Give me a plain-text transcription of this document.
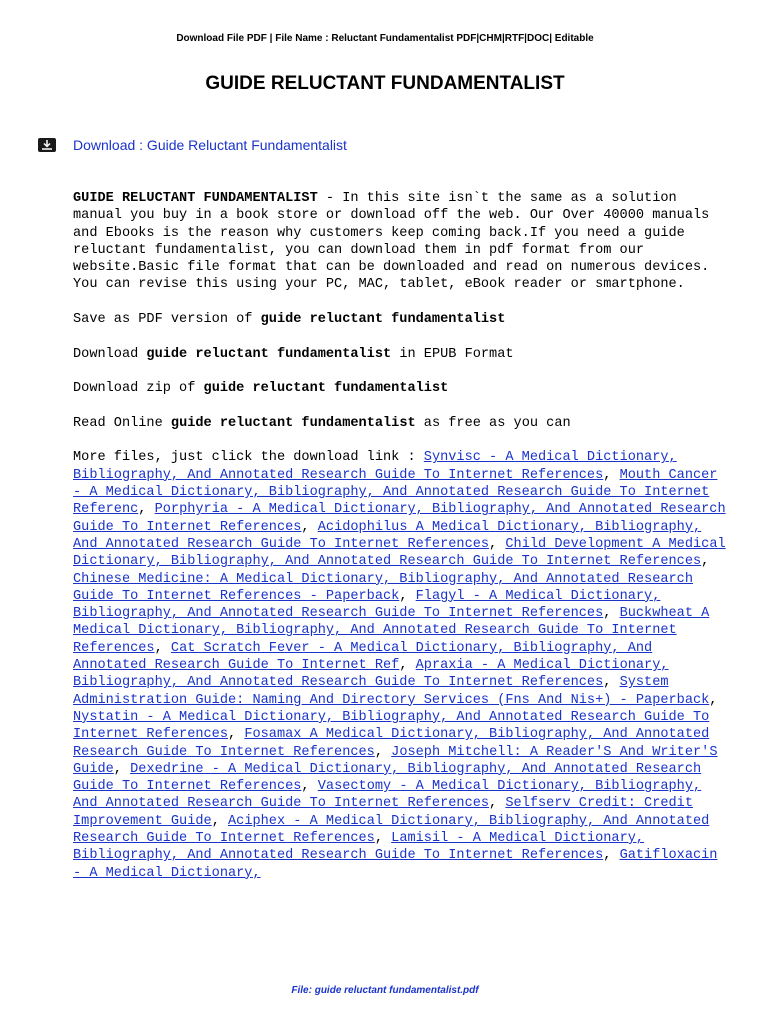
Download File PDF | File Name : Reluctant Fundamentalist PDF|CHM|RTF|DOC| Editable
GUIDE RELUCTANT FUNDAMENTALIST
Download : Guide Reluctant Fundamentalist

GUIDE RELUCTANT FUNDAMENTALIST - In this site isn`t the same as a solution manual you buy in a book store or download off the web. Our Over 40000 manuals and Ebooks is the reason why customers keep coming back.If you need a guide reluctant fundamentalist, you can download them in pdf format from our website.Basic file format that can be downloaded and read on numerous devices. You can revise this using your PC, MAC, tablet, eBook reader or smartphone.

Save as PDF version of guide reluctant fundamentalist

Download guide reluctant fundamentalist in EPUB Format

Download zip of guide reluctant fundamentalist

Read Online guide reluctant fundamentalist as free as you can

More files, just click the download link : Synvisc - A Medical Dictionary, Bibliography, And Annotated Research Guide To Internet References, Mouth Cancer - A Medical Dictionary, Bibliography, And Annotated Research Guide To Internet Referenc, Porphyria - A Medical Dictionary, Bibliography, And Annotated Research Guide To Internet References, Acidophilus A Medical Dictionary, Bibliography, And Annotated Research Guide To Internet References, Child Development A Medical Dictionary, Bibliography, And Annotated Research Guide To Internet References, Chinese Medicine: A Medical Dictionary, Bibliography, And Annotated Research Guide To Internet References - Paperback, Flagyl - A Medical Dictionary, Bibliography, And Annotated Research Guide To Internet References, Buckwheat A Medical Dictionary, Bibliography, And Annotated Research Guide To Internet References, Cat Scratch Fever - A Medical Dictionary, Bibliography, And Annotated Research Guide To Internet Ref, Apraxia - A Medical Dictionary, Bibliography, And Annotated Research Guide To Internet References, System Administration Guide: Naming And Directory Services (Fns And Nis+) - Paperback, Nystatin - A Medical Dictionary, Bibliography, And Annotated Research Guide To Internet References, Fosamax A Medical Dictionary, Bibliography, And Annotated Research Guide To Internet References, Joseph Mitchell: A Reader'S And Writer'S Guide, Dexedrine - A Medical Dictionary, Bibliography, And Annotated Research Guide To Internet References, Vasectomy - A Medical Dictionary, Bibliography, And Annotated Research Guide To Internet References, Selfserv Credit: Credit Improvement Guide, Aciphex - A Medical Dictionary, Bibliography, And Annotated Research Guide To Internet References, Lamisil - A Medical Dictionary, Bibliography, And Annotated Research Guide To Internet References, Gatifloxacin - A Medical Dictionary,

File: guide reluctant fundamentalist.pdf
